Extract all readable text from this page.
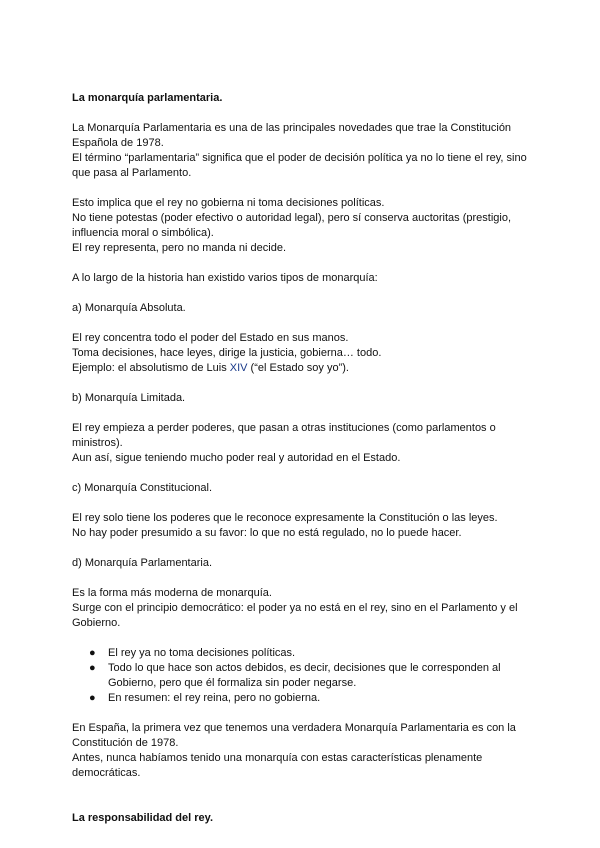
La monarquía parlamentaria.

La Monarquía Parlamentaria es una de las principales novedades que trae la Constitución Española de 1978.

El término “parlamentaria” significa que el poder de decisión política ya no lo tiene el rey, sino que pasa al Parlamento.

Esto implica que el rey no gobierna ni toma decisiones políticas.

No tiene potestas (poder efectivo o autoridad legal), pero sí conserva auctoritas (prestigio, influencia moral o simbólica).

El rey representa, pero no manda ni decide.

A lo largo de la historia han existido varios tipos de monarquía:

a) Monarquía Absoluta.

El rey concentra todo el poder del Estado en sus manos.

Toma decisiones, hace leyes, dirige la justicia, gobierna… todo.

Ejemplo: el absolutismo de Luis XIV (“el Estado soy yo”).

b) Monarquía Limitada.

El rey empieza a perder poderes, que pasan a otras instituciones (como parlamentos o ministros).

Aun así, sigue teniendo mucho poder real y autoridad en el Estado.

c) Monarquía Constitucional.

El rey solo tiene los poderes que le reconoce expresamente la Constitución o las leyes.

No hay poder presumido a su favor: lo que no está regulado, no lo puede hacer.

d) Monarquía Parlamentaria.

Es la forma más moderna de monarquía.

Surge con el principio democrático: el poder ya no está en el rey, sino en el Parlamento y el Gobierno.

● El rey ya no toma decisiones políticas.
● Todo lo que hace son actos debidos, es decir, decisiones que le corresponden al Gobierno, pero que él formaliza sin poder negarse.
● En resumen: el rey reina, pero no gobierna.

En España, la primera vez que tenemos una verdadera Monarquía Parlamentaria es con la Constitución de 1978.

Antes, nunca habíamos tenido una monarquía con estas características plenamente democráticas.

La responsabilidad del rey.
